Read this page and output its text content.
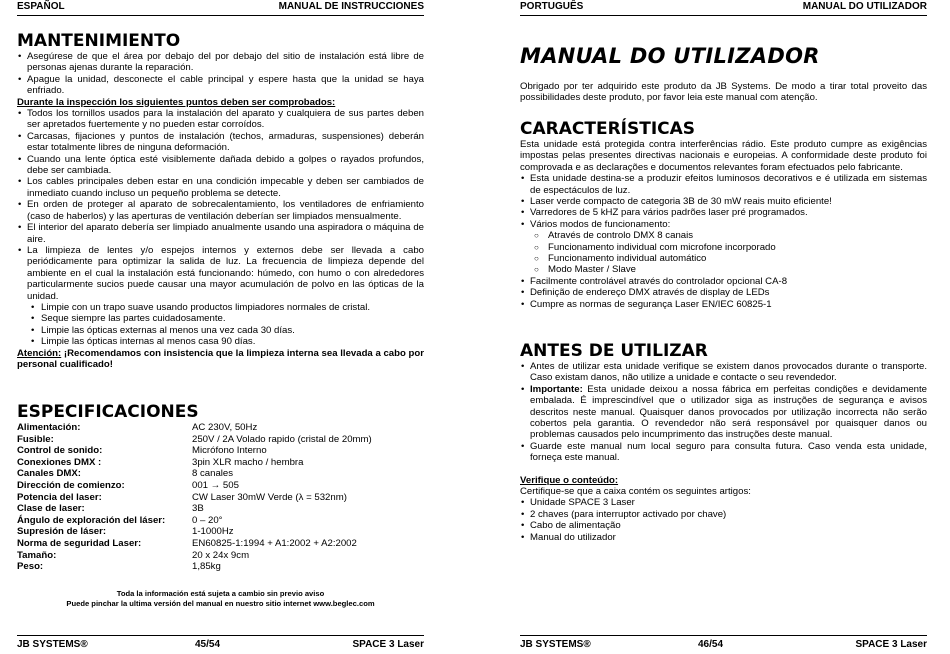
ESPAÑOL	MANUAL DE INSTRUCCIONES
MANTENIMIENTO
• Asegúrese de que el área por debajo del por debajo del sitio de instalación está libre de personas ajenas durante la reparación.
• Apague la unidad, desconecte el cable principal y espere hasta que la unidad se haya enfriado.
Durante la inspección los siguientes puntos deben ser comprobados:
• Todos los tornillos usados para la instalación del aparato y cualquiera de sus partes deben ser apretados fuertemente y no pueden estar corroídos.
• Carcasas, fijaciones y puntos de instalación (techos, armaduras, suspensiones) deberán estar totalmente libres de ninguna deformación.
• Cuando una lente óptica esté visiblemente dañada debido a golpes o rayados profundos, debe ser cambiada.
• Los cables principales deben estar en una condición impecable y deben ser cambiados de inmediato cuando incluso un pequeño problema se detecte.
• En orden de proteger al aparato de sobrecalentamiento, los ventiladores de enfriamiento (caso de haberlos) y las aperturas de ventilación deberían ser limpiados mensualmente.
• El interior del aparato debería ser limpiado anualmente usando una aspiradora o máquina de aire.
• La limpieza de lentes y/o espejos internos y externos debe ser llevada a cabo periódicamente para optimizar la salida de luz. La frecuencia de limpieza depende del ambiente en el cual la instalación está funcionando: húmedo, con humo o con alrededores particularmente sucios puede causar una mayor acumulación de polvo en las ópticas de la unidad.
• Limpie con un trapo suave usando productos limpiadores normales de cristal.
• Seque siempre las partes cuidadosamente.
• Limpie las ópticas externas al menos una vez cada 30 días.
• Limpie las ópticas internas al menos casa 90 días.

Atención: ¡Recomendamos con insistencia que la limpieza interna sea llevada a cabo por personal cualificado!

ESPECIFICACIONES
Alimentación:	AC 230V, 50Hz
Fusible:	250V / 2A Volado rapido (cristal de 20mm)
Control de sonido:	Micrófono Interno
Conexiones DMX :	3pin XLR macho / hembra
Canales DMX:	8 canales
Dirección de comienzo:	001 → 505
Potencia del laser:	CW Laser 30mW Verde (λ = 532nm)
Clase de laser:	3B
Ángulo de exploración del láser:	0 – 20°
Supresión de láser:	1-1000Hz
Norma de seguridad Laser:	EN60825-1:1994 + A1:2002 + A2:2002
Tamaño:	20 x 24x 9cm
Peso:	1,85kg
Toda la información está sujeta a cambio sin previo aviso
Puede pinchar la ultima versión del manual en nuestro sitio internet www.beglec.com
JB SYSTEMS®	45/54	SPACE 3 Laser
PORTUGUÊS	MANUAL DO UTILIZADOR
MANUAL DO UTILIZADOR

Obrigado por ter adquirido este produto da JB Systems. De modo a tirar total proveito das possibilidades deste produto, por favor leia este manual com atenção.

CARACTERÍSTICAS

Esta unidade está protegida contra interferências rádio. Este produto cumpre as exigências impostas pelas presentes directivas nacionais e europeias. A conformidade deste produto foi comprovada e as declarações e documentos relevantes foram efectuados pelo fabricante.

• Esta unidade destina-se a produzir efeitos luminosos decorativos e é utilizada em sistemas de espectáculos de luz.
• Laser verde compacto de categoria 3B de 30 mW reais muito eficiente!
• Varredores de 5 kHZ para vários padrões laser pré programados.
• Vários modos de funcionamento:
○ Através de controlo DMX 8 canais
○ Funcionamento individual com microfone incorporado
○ Funcionamento individual automático
○ Modo Master / Slave
• Facilmente controlável através do controlador opcional CA-8
• Definição de endereço DMX através de display de LEDs
• Cumpre as normas de segurança Laser EN/IEC 60825-1
ANTES DE UTILIZAR
• Antes de utilizar esta unidade verifique se existem danos provocados durante o transporte. Caso existam danos, não utilize a unidade e contacte o seu revendedor.
• Importante: Esta unidade deixou a nossa fábrica em perfeitas condições e devidamente embalada. É imprescindível que o utilizador siga as instruções de segurança e avisos descritos neste manual. Quaisquer danos provocados por utilização incorrecta não serão cobertos pela garantia. O revendedor não será responsável por quaisquer danos ou problemas causados pelo incumprimento das instruções deste manual.
• Guarde este manual num local seguro para consulta futura. Caso venda esta unidade, forneça este manual.
Verifique o conteúdo:
Certifique-se que a caixa contém os seguintes artigos:
• Unidade SPACE 3 Laser
• 2 chaves (para interruptor activado por chave)
• Cabo de alimentação
• Manual do utilizador
JB SYSTEMS®	46/54	SPACE 3 Laser
